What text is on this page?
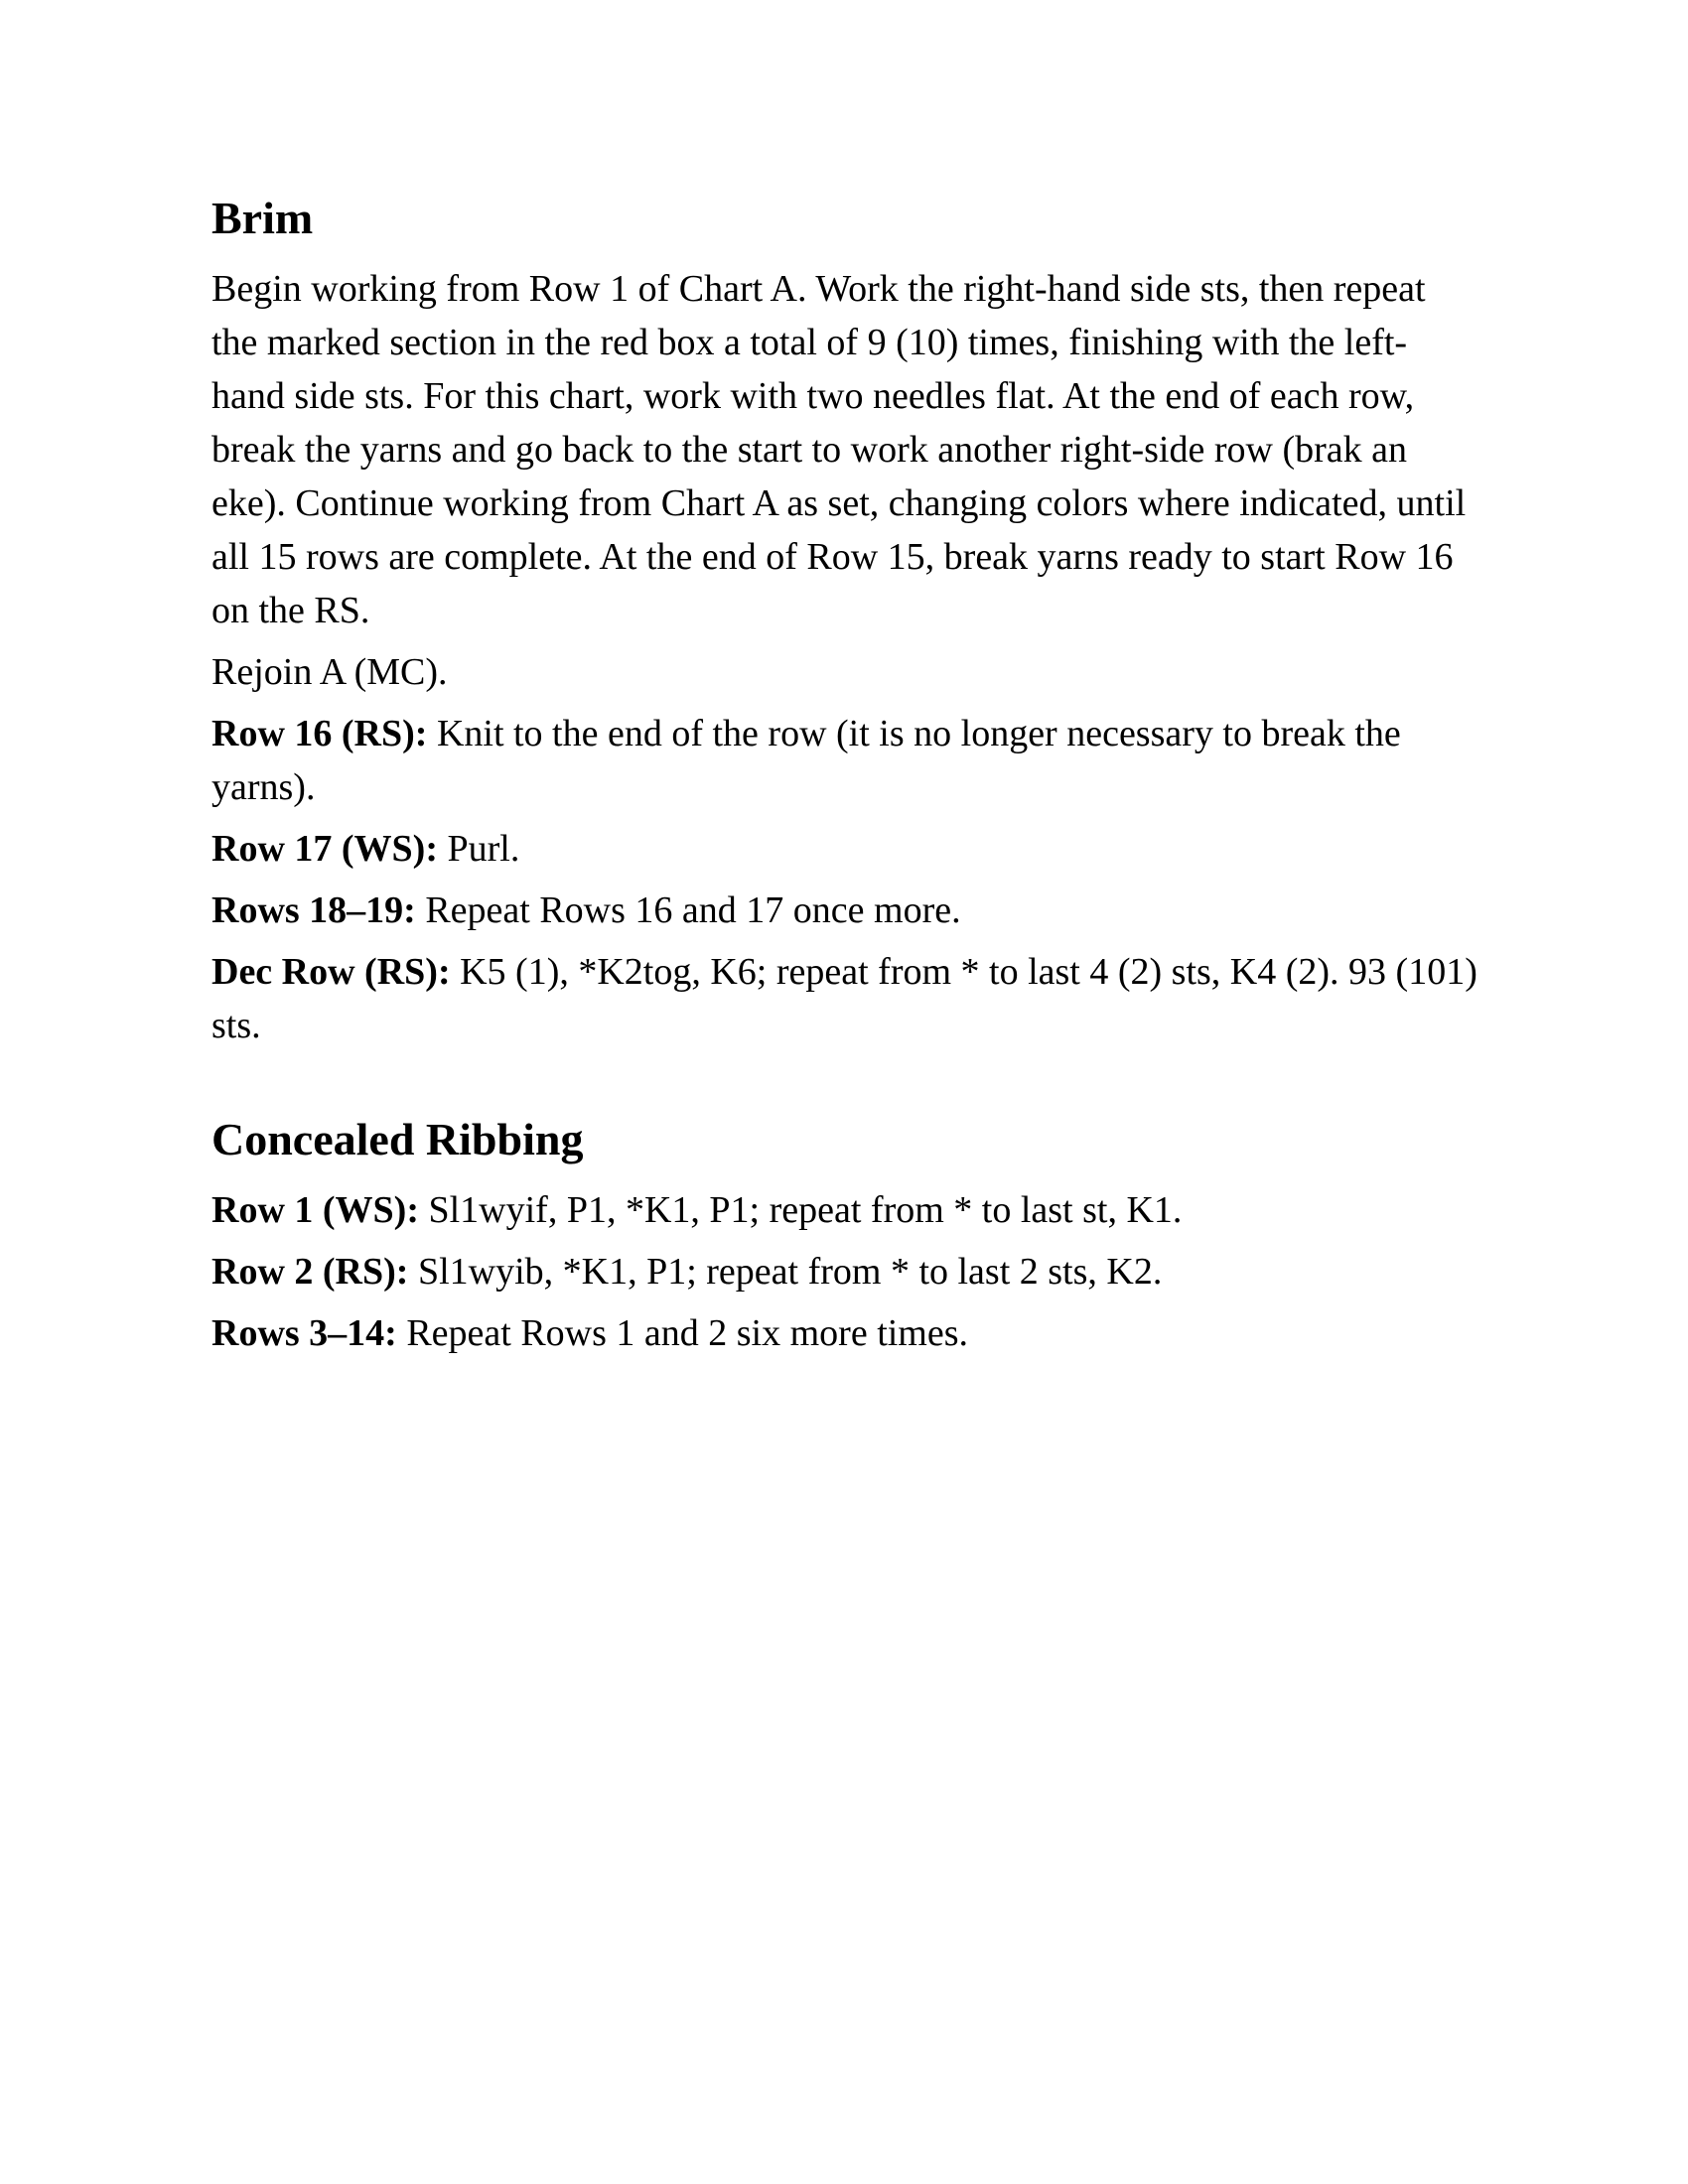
Brim

Begin working from Row 1 of Chart A. Work the right-hand side sts, then repeat the marked section in the red box a total of 9 (10) times, finishing with the left-hand side sts. For this chart, work with two needles flat. At the end of each row, break the yarns and go back to the start to work another right-side row (brak an eke). Continue working from Chart A as set, changing colors where indicated, until all 15 rows are complete. At the end of Row 15, break yarns ready to start Row 16 on the RS.

Rejoin A (MC).

Row 16 (RS): Knit to the end of the row (it is no longer necessary to break the yarns).

Row 17 (WS): Purl.

Rows 18–19: Repeat Rows 16 and 17 once more.

Dec Row (RS): K5 (1), *K2tog, K6; repeat from * to last 4 (2) sts, K4 (2). 93 (101) sts.

Concealed Ribbing

Row 1 (WS): Sl1wyif, P1, *K1, P1; repeat from * to last st, K1.

Row 2 (RS): Sl1wyib, *K1, P1; repeat from * to last 2 sts, K2.

Rows 3–14: Repeat Rows 1 and 2 six more times.
